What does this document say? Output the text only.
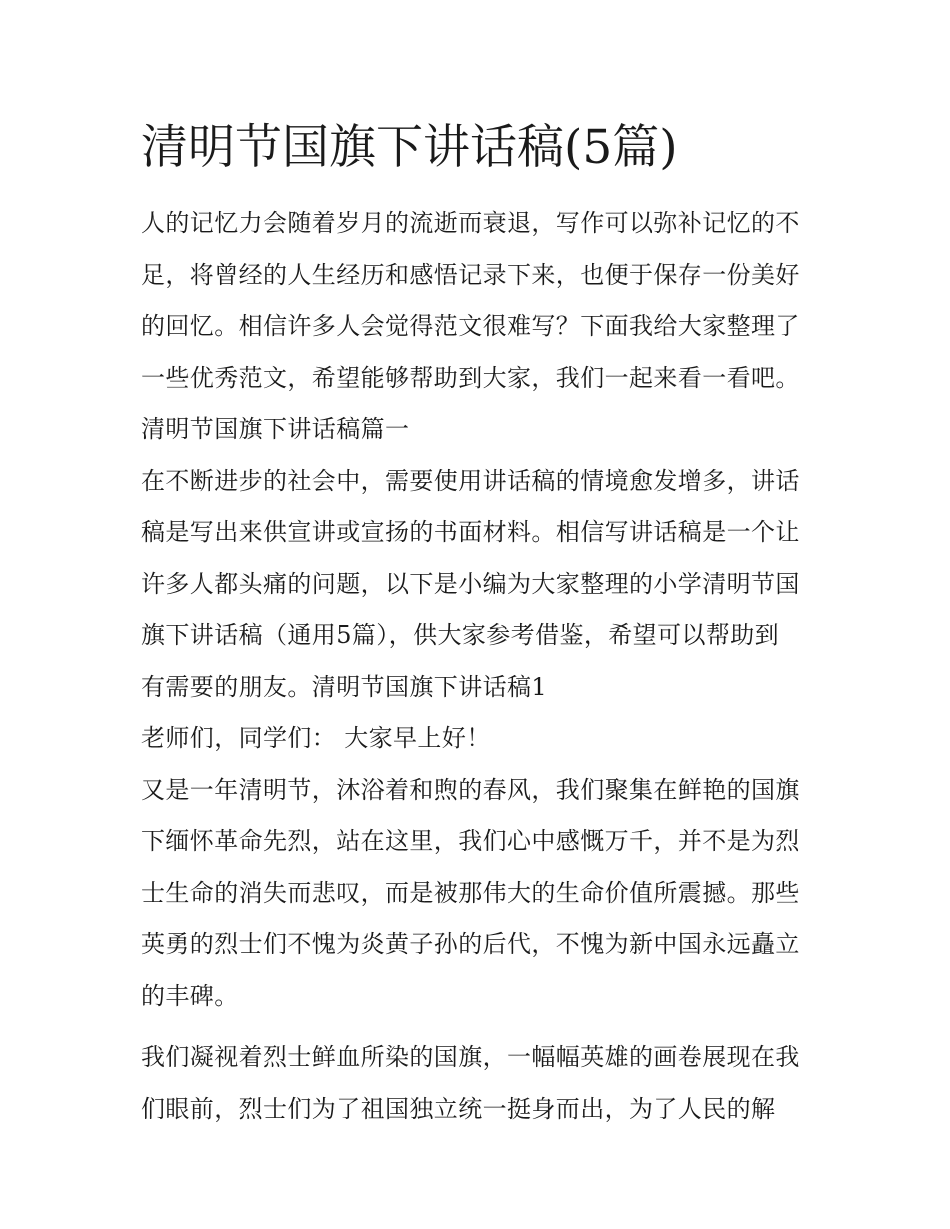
清明节国旗下讲话稿(5篇)
人的记忆力会随着岁月的流逝而衰退，写作可以弥补记忆的不
足，将曾经的人生经历和感悟记录下来，也便于保存一份美好
的回忆。相信许多人会觉得范文很难写？下面我给大家整理了
一些优秀范文，希望能够帮助到大家，我们一起来看一看吧。
清明节国旗下讲话稿篇一
在不断进步的社会中，需要使用讲话稿的情境愈发增多，讲话
稿是写出来供宣讲或宣扬的书面材料。相信写讲话稿是一个让
许多人都头痛的问题，以下是小编为大家整理的小学清明节国
旗下讲话稿（通用5篇），供大家参考借鉴，希望可以帮助到
有需要的朋友。清明节国旗下讲话稿1
老师们，同学们： 大家早上好！
又是一年清明节，沐浴着和煦的春风，我们聚集在鲜艳的国旗
下缅怀革命先烈，站在这里，我们心中感慨万千，并不是为烈
士生命的消失而悲叹，而是被那伟大的生命价值所震撼。那些
英勇的烈士们不愧为炎黄子孙的后代，不愧为新中国永远矗立
的丰碑。
我们凝视着烈士鲜血所染的国旗，一幅幅英雄的画卷展现在我
们眼前，烈士们为了祖国独立统一挺身而出，为了人民的解
